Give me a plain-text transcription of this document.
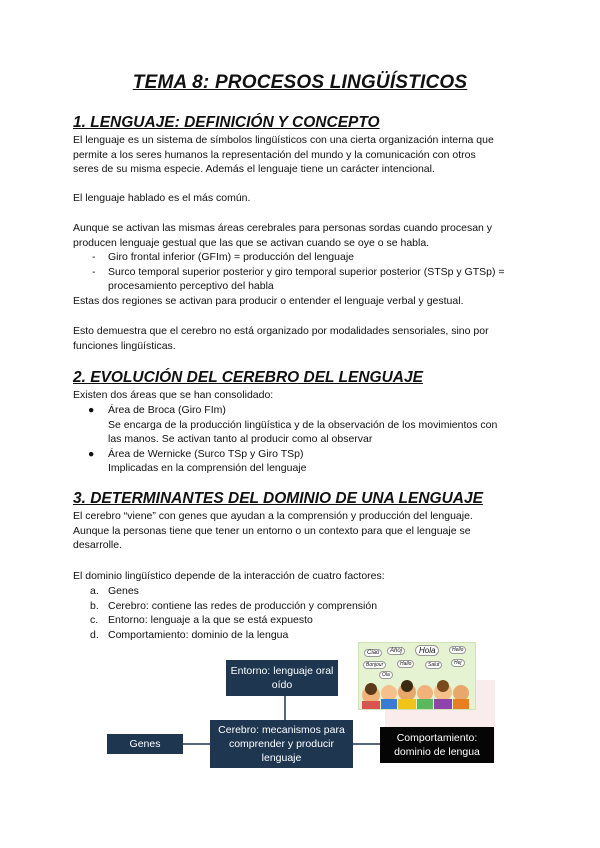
TEMA 8: PROCESOS LINGÜÍSTICOS
1. LENGUAJE: DEFINICIÓN Y CONCEPTO
El lenguaje es un sistema de símbolos lingüísticos con una cierta organización interna que
permite a los seres humanos la representación del mundo y la comunicación con otros
seres de su misma especie. Además el lenguaje tiene un carácter intencional.
El lenguaje hablado es el más común.
Aunque se activan las mismas áreas cerebrales para personas sordas cuando procesan y
producen lenguaje gestual que las que se activan cuando se oye o se habla.
- Giro frontal inferior (GFIm) = producción del lenguaje
- Surco temporal superior posterior y giro temporal superior posterior (STSp y GTSp) =
procesamiento perceptivo del habla
Estas dos regiones se activan para producir o entender el lenguaje verbal y gestual.
Esto demuestra que el cerebro no está organizado por modalidades sensoriales, sino por
funciones lingüísticas.
2. EVOLUCIÓN DEL CEREBRO DEL LENGUAJE
Existen dos áreas que se han consolidado:
● Área de Broca (Giro FIm)
Se encarga de la producción lingüística y de la observación de los movimientos con
las manos. Se activan tanto al producir como al observar
● Área de Wernicke (Surco TSp y Giro TSp)
Implicadas en la comprensión del lenguaje
3. DETERMINANTES DEL DOMINIO DE UNA LENGUAJE
El cerebro “viene” con genes que ayudan a la comprensión y producción del lenguaje.
Aunque la personas tiene que tener un entorno o un contexto para que el lenguaje se
desarrolle.
El dominio lingüístico depende de la interacción de cuatro factores:
a. Genes
b. Cerebro: contiene las redes de producción y comprensión
c. Entorno: lenguaje a la que se está expuesto
d. Comportamiento: dominio de la lengua
Entorno: lenguaje oral oído
Genes
Cerebro: mecanismos para comprender y producir lenguaje
Comportamiento: dominio de lengua
Ciao	Ahoj	Hola	Hello
Bonjour	Hallo	Salut	Hej
Ola
